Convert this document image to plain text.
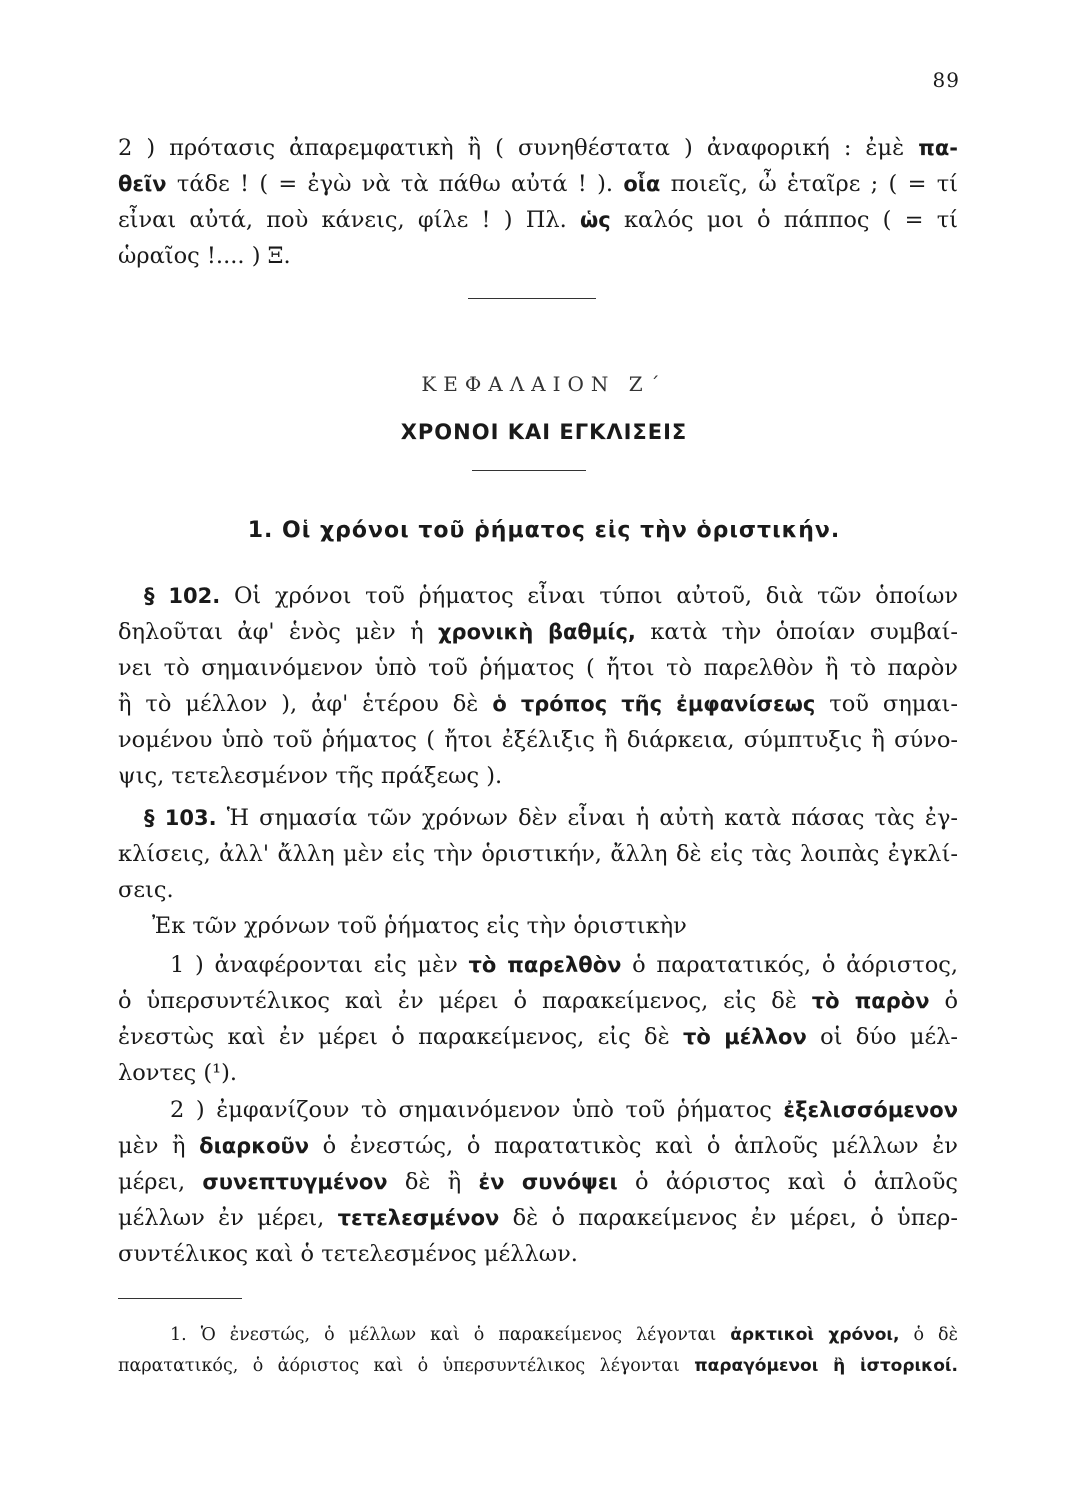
89
2 ) πρότασις ἀπαρεμφατικὴ ἢ ( συνηθέστατα ) ἀναφορική : ἐμὲ πα-
θεῖν τάδε ! ( = ἐγὼ νὰ τὰ πάθω αὐτά ! ). οἷα ποιεῖς, ὦ ἑταῖρε ; ( = τί
εἶναι αὐτά, ποὺ κάνεις, φίλε ! ) Πλ. ὡς καλός μοι ὁ πάππος ( = τί
ὡραῖος !.... ) Ξ.
ΚΕΦΑΛΑΙΟΝ Ζ΄
ΧΡΟΝΟΙ ΚΑΙ ΕΓΚΛΙΣΕΙΣ
1. Οἱ χρόνοι τοῦ ῥήματος εἰς τὴν ὁριστικήν.
§ 102. Οἱ χρόνοι τοῦ ῥήματος εἶναι τύποι αὐτοῦ, διὰ τῶν ὁποίων
δηλοῦται ἀφ' ἑνὸς μὲν ἡ χρονικὴ βαθμίς, κατὰ τὴν ὁποίαν συμβαί-
νει τὸ σημαινόμενον ὑπὸ τοῦ ῥήματος ( ἤτοι τὸ παρελθὸν ἢ τὸ παρὸν
ἢ τὸ μέλλον ), ἀφ' ἑτέρου δὲ ὁ τρόπος τῆς ἐμφανίσεως τοῦ σημαι-
νομένου ὑπὸ τοῦ ῥήματος ( ἤτοι ἐξέλιξις ἢ διάρκεια, σύμπτυξις ἢ σύνο-
ψις, τετελεσμένον τῆς πράξεως ).
§ 103. Ἡ σημασία τῶν χρόνων δὲν εἶναι ἡ αὐτὴ κατὰ πάσας τὰς ἐγ-
κλίσεις, ἀλλ' ἄλλη μὲν εἰς τὴν ὁριστικήν, ἄλλη δὲ εἰς τὰς λοιπὰς ἐγκλί-
σεις.
Ἐκ τῶν χρόνων τοῦ ῥήματος εἰς τὴν ὁριστικὴν
1 ) ἀναφέρονται εἰς μὲν τὸ παρελθὸν ὁ παρατατικός, ὁ ἀόριστος,
ὁ ὑπερσυντέλικος καὶ ἐν μέρει ὁ παρακείμενος, εἰς δὲ τὸ παρὸν ὁ
ἐνεστὼς καὶ ἐν μέρει ὁ παρακείμενος, εἰς δὲ τὸ μέλλον οἱ δύο μέλ-
λοντες (¹).
2 ) ἐμφανίζουν τὸ σημαινόμενον ὑπὸ τοῦ ῥήματος ἐξελισσόμενον
μὲν ἢ διαρκοῦν ὁ ἐνεστώς, ὁ παρατατικὸς καὶ ὁ ἁπλοῦς μέλλων ἐν
μέρει, συνεπτυγμένον δὲ ἢ ἐν συνόψει ὁ ἀόριστος καὶ ὁ ἁπλοῦς
μέλλων ἐν μέρει, τετελεσμένον δὲ ὁ παρακείμενος ἐν μέρει, ὁ ὑπερ-
συντέλικος καὶ ὁ τετελεσμένος μέλλων.
1. Ὁ ἐνεστώς, ὁ μέλλων καὶ ὁ παρακείμενος λέγονται ἀρκτικοὶ χρόνοι, ὁ δὲ
παρατατικός, ὁ ἀόριστος καὶ ὁ ὑπερσυντέλικος λέγονται παραγόμενοι ἢ ἱστορικοί.
